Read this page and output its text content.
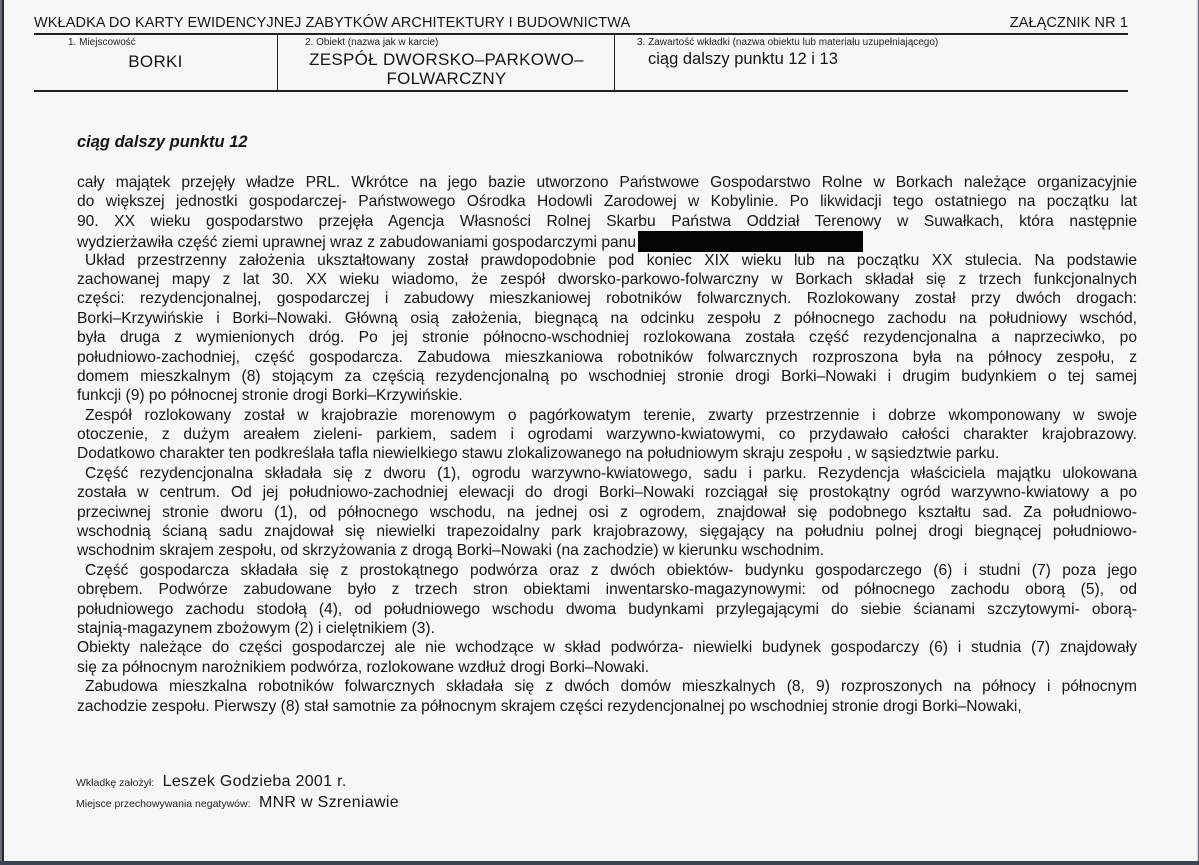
WKŁADKA DO KARTY EWIDENCYJNEJ ZABYTKÓW ARCHITEKTURY I BUDOWNICTWA	ZAŁĄCZNIK NR 1
1. Miejscowość
BORKI
2. Obiekt (nazwa jak w karcie)
ZESPÓŁ DWORSKO–PARKOWO–FOLWARCZNY
3. Zawartość wkładki (nazwa obiektu lub materiału uzupełniającego)
ciąg dalszy punktu 12 i 13
ciąg dalszy punktu 12
cały majątek przejęły władze PRL. Wkrótce na jego bazie utworzono Państwowe Gospodarstwo Rolne w Borkach należące organizacyjnie
do większej jednostki gospodarczej- Państwowego Ośrodka Hodowli Zarodowej w Kobylinie. Po likwidacji tego ostatniego na początku lat
90. XX wieku gospodarstwo przejęła Agencja Własności Rolnej Skarbu Państwa Oddział Terenowy w Suwałkach, która następnie
wydzierżawiła część ziemi uprawnej wraz z zabudowaniami gospodarczymi panu
Układ przestrzenny założenia ukształtowany został prawdopodobnie pod koniec XIX wieku lub na początku XX stulecia. Na podstawie
zachowanej mapy z lat 30. XX wieku wiadomo, że zespół dworsko-parkowo-folwarczny w Borkach składał się z trzech funkcjonalnych
części: rezydencjonalnej, gospodarczej i zabudowy mieszkaniowej robotników folwarcznych. Rozlokowany został przy dwóch drogach:
Borki–Krzywińskie i Borki–Nowaki. Główną osią założenia, biegnącą na odcinku zespołu z północnego zachodu na południowy wschód,
była druga z wymienionych dróg. Po jej stronie północno-wschodniej rozlokowana została część rezydencjonalna a naprzeciwko, po
południowo-zachodniej, część gospodarcza. Zabudowa mieszkaniowa robotników folwarcznych rozproszona była na północy zespołu, z
domem mieszkalnym (8) stojącym za częścią rezydencjonalną po wschodniej stronie drogi Borki–Nowaki i drugim budynkiem o tej samej
funkcji (9) po północnej stronie drogi Borki–Krzywińskie.
Zespół rozlokowany został w krajobrazie morenowym o pagórkowatym terenie, zwarty przestrzennie i dobrze wkomponowany w swoje
otoczenie, z dużym areałem zieleni- parkiem, sadem i ogrodami warzywno-kwiatowymi, co przydawało całości charakter krajobrazowy.
Dodatkowo charakter ten podkreślała tafla niewielkiego stawu zlokalizowanego na południowym skraju zespołu , w sąsiedztwie parku.
Część rezydencjonalna składała się z dworu (1), ogrodu warzywno-kwiatowego, sadu i parku. Rezydencja właściciela majątku ulokowana
została w centrum. Od jej południowo-zachodniej elewacji do drogi Borki–Nowaki rozciągał się prostokątny ogród warzywno-kwiatowy a po
przeciwnej stronie dworu (1), od północnego wschodu, na jednej osi z ogrodem, znajdował się podobnego kształtu sad. Za południowo-
wschodnią ścianą sadu znajdował się niewielki trapezoidalny park krajobrazowy, sięgający na południu polnej drogi biegnącej południowo-
wschodnim skrajem zespołu, od skrzyżowania z drogą Borki–Nowaki (na zachodzie) w kierunku wschodnim.
Część gospodarcza składała się z prostokątnego podwórza oraz z dwóch obiektów- budynku gospodarczego (6) i studni (7) poza jego
obrębem. Podwórze zabudowane było z trzech stron obiektami inwentarsko-magazynowymi: od północnego zachodu oborą (5), od
południowego zachodu stodołą (4), od południowego wschodu dwoma budynkami przylegającymi do siebie ścianami szczytowymi- oborą-
stajnią-magazynem zbożowym (2) i cielętnikiem (3).
Obiekty należące do części gospodarczej ale nie wchodzące w skład podwórza- niewielki budynek gospodarczy (6) i studnia (7) znajdowały
się za północnym narożnikiem podwórza, rozlokowane wzdłuż drogi Borki–Nowaki.
Zabudowa mieszkalna robotników folwarcznych składała się z dwóch domów mieszkalnych (8, 9) rozproszonych na północy i północnym
zachodzie zespołu. Pierwszy (8) stał samotnie za północnym skrajem części rezydencjonalnej po wschodniej stronie drogi Borki–Nowaki,
Wkładkę założył: Leszek Godzieba 2001 r.
Miejsce przechowywania negatywów: MNR w Szreniawie
